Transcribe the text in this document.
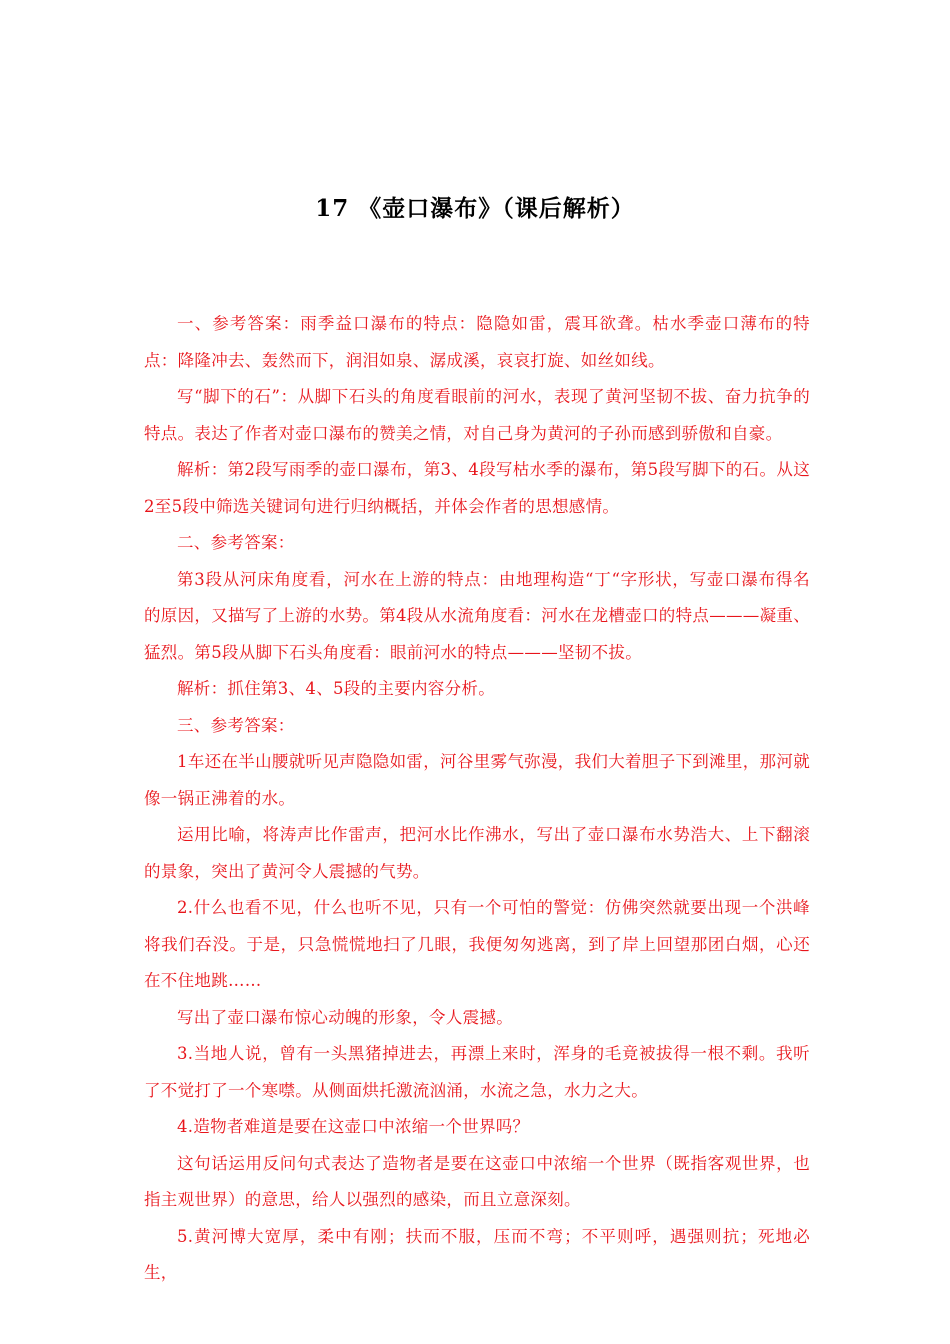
17 《壶口瀑布》（课后解析）

一、参考答案：雨季益口瀑布的特点：隐隐如雷，震耳欲聋。枯水季壶口薄布的特点：降隆冲去、轰然而下，润泪如泉、潺成溪，哀哀打旋、如丝如线。

写“脚下的石”：从脚下石头的角度看眼前的河水，表现了黄河坚韧不拔、奋力抗争的特点。表达了作者对壶口瀑布的赞美之情，对自己身为黄河的子孙而感到骄傲和自豪。

解析：第2段写雨季的壶口瀑布，第3、4段写枯水季的瀑布，第5段写脚下的石。从这2至5段中筛选关键词句进行归纳概括，并体会作者的思想感情。

二、参考答案：

第3段从河床角度看，河水在上游的特点：由地理构造“丁“字形状，写壶口瀑布得名的原因，又描写了上游的水势。第4段从水流角度看：河水在龙槽壶口的特点———凝重、猛烈。第5段从脚下石头角度看：眼前河水的特点———坚韧不拔。

解析：抓住第3、4、5段的主要内容分析。

三、参考答案：

1车还在半山腰就听见声隐隐如雷，河谷里雾气弥漫，我们大着胆子下到滩里，那河就像一锅正沸着的水。

运用比喻，将涛声比作雷声，把河水比作沸水，写出了壶口瀑布水势浩大、上下翻滚的景象，突出了黄河令人震撼的气势。

2.什么也看不见，什么也听不见，只有一个可怕的警觉：仿佛突然就要出现一个洪峰将我们吞没。于是，只急慌慌地扫了几眼，我便匆匆逃离，到了岸上回望那团白烟，心还在不住地跳……

写出了壶口瀑布惊心动魄的形象，令人震撼。

3.当地人说，曾有一头黑猪掉进去，再漂上来时，浑身的毛竟被拔得一根不剩。我听了不觉打了一个寒噤。从侧面烘托激流汹涌，水流之急，水力之大。

4.造物者难道是要在这壶口中浓缩一个世界吗？

这句话运用反问句式表达了造物者是要在这壶口中浓缩一个世界（既指客观世界，也指主观世界）的意思，给人以强烈的感染，而且立意深刻。

5.黄河博大宽厚，柔中有刚；扶而不服，压而不弯；不平则呼，遇强则抗；死地必生，
